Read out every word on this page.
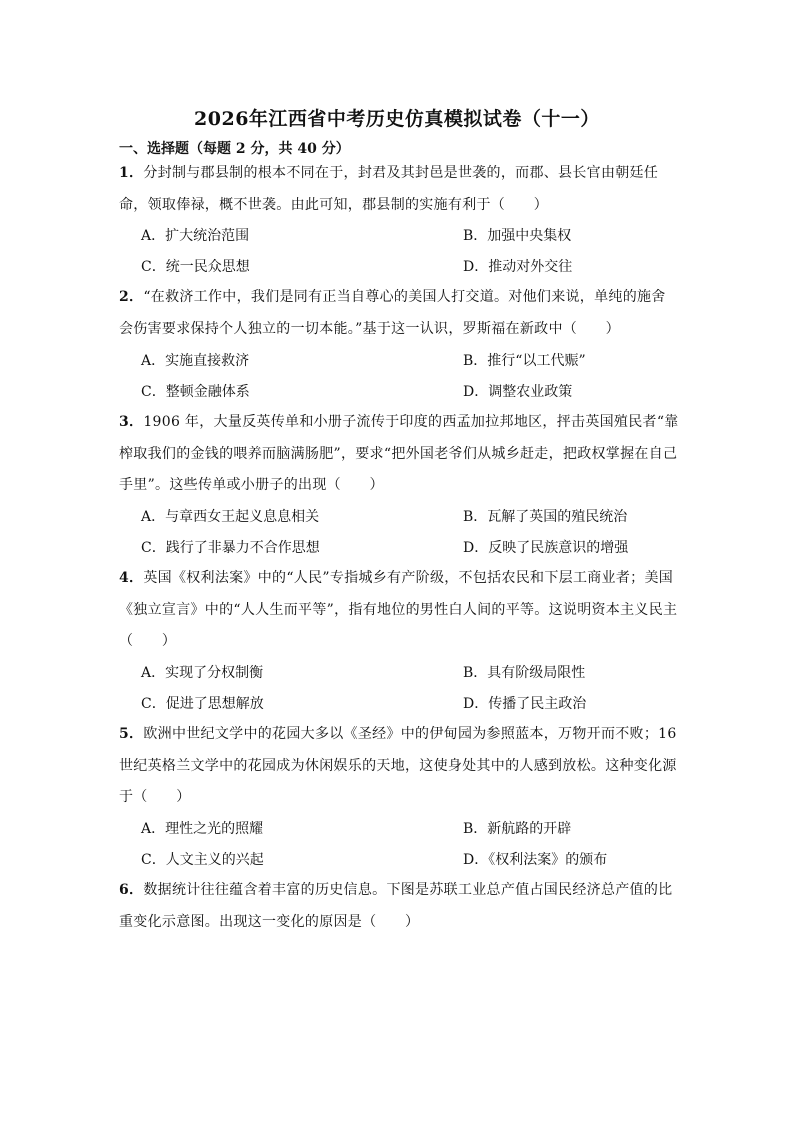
2026年江西省中考历史仿真模拟试卷（十一）
一、选择题（每题 2 分，共 40 分）
1．分封制与郡县制的根本不同在于，封君及其封邑是世袭的，而郡、县长官由朝廷任命，领取俸禄，概不世袭。由此可知，郡县制的实施有利于（　　）
A．扩大统治范围	B．加强中央集权
C．统一民众思想	D．推动对外交往
2．“在救济工作中，我们是同有正当自尊心的美国人打交道。对他们来说，单纯的施舍会伤害要求保持个人独立的一切本能。”基于这一认识，罗斯福在新政中（　　）
A．实施直接救济	B．推行“以工代赈”
C．整顿金融体系	D．调整农业政策
3．1906 年，大量反英传单和小册子流传于印度的西孟加拉邦地区，抨击英国殖民者“靠榨取我们的金钱的喂养而脑满肠肥”，要求“把外国老爷们从城乡赶走，把政权掌握在自己手里”。这些传单或小册子的出现（　　）
A．与章西女王起义息息相关	B．瓦解了英国的殖民统治
C．践行了非暴力不合作思想	D．反映了民族意识的增强
4．英国《权利法案》中的“人民”专指城乡有产阶级，不包括农民和下层工商业者；美国《独立宣言》中的“人人生而平等”，指有地位的男性白人间的平等。这说明资本主义民主（　　）
A．实现了分权制衡	B．具有阶级局限性
C．促进了思想解放	D．传播了民主政治
5．欧洲中世纪文学中的花园大多以《圣经》中的伊甸园为参照蓝本，万物开而不败；16 世纪英格兰文学中的花园成为休闲娱乐的天地，这使身处其中的人感到放松。这种变化源于（　　）
A．理性之光的照耀	B．新航路的开辟
C．人文主义的兴起	D．《权利法案》的颁布
6．数据统计往往蕴含着丰富的历史信息。下图是苏联工业总产值占国民经济总产值的比重变化示意图。出现这一变化的原因是（　　）
